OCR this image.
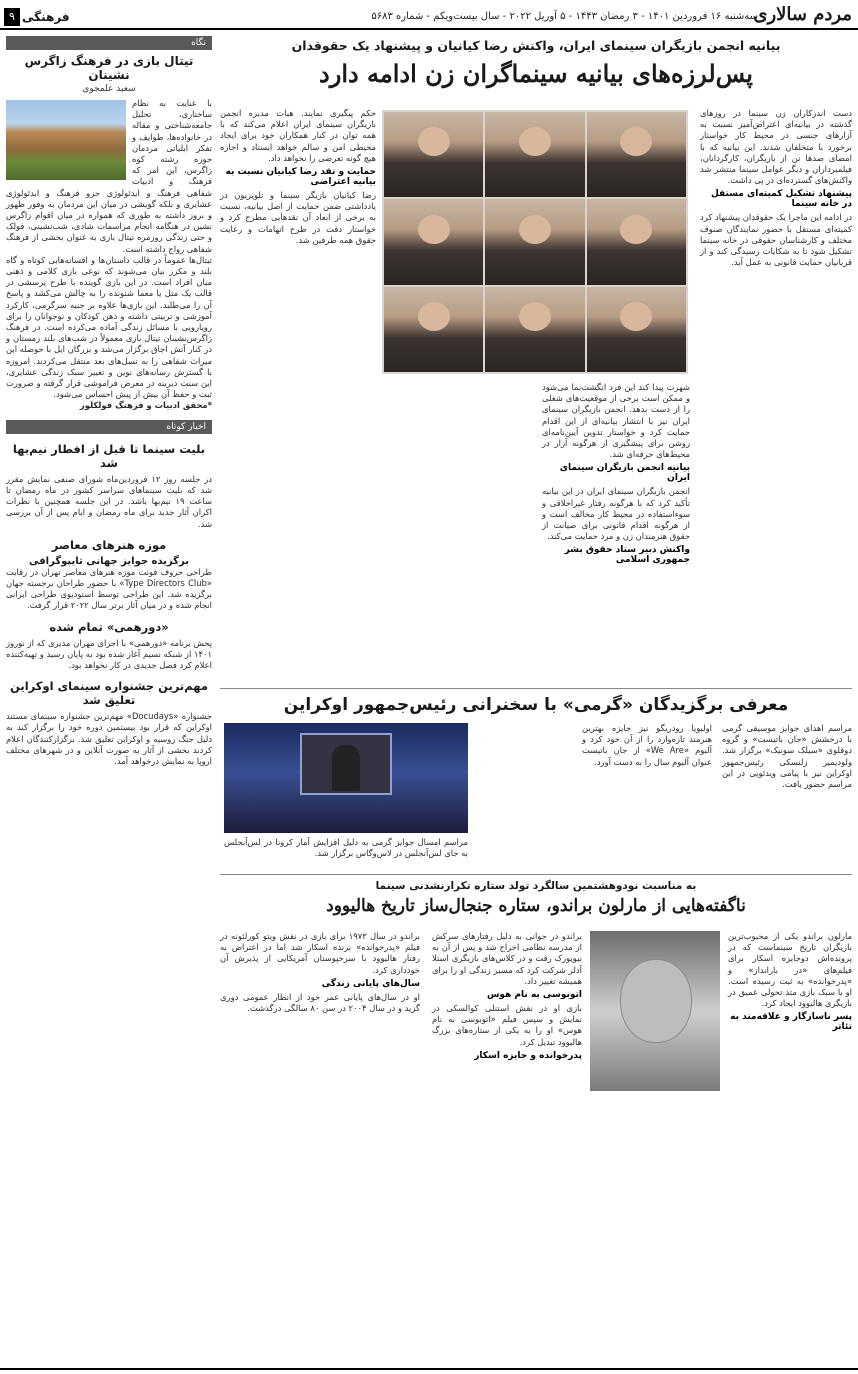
مردم سالاری
سه‌شنبه ۱۶ فروردین ۱۴۰۱ - ۳ رمضان ۱۴۴۳ - ۵ آوریل ۲۰۲۲ - سال بیست‌ویکم - شماره ۵۶۸۳
فرهنگی
۹
نگاه
تیتال بازی در فرهنگ زاگرس نشینان
سعید علمجوی

با عنایت به نظام ساختاری، تحلیل جامعه‌شناختی و مقاله در خانواده‌ها، طوایف و تفکر ایلیاتی مردمان حوزه رشته کوه زاگرس، این امر که فرهنگ و ادبیات شفاهی فرهنگ و ایدئولوژی جزو فرهنگ و ایدئولوژی عشایری و بلکه گویشی در میان این مردمان به وفور ظهور و بروز داشته به طوری که همواره در میان اقوام زاگرس نشین در هنگامه انجام مراسمات شادی، شب‌نشینی، فولک و حتی زندگی روزمره تیتال بازی به عنوان بخشی از فرهنگ شفاهی رواج داشته است.

تیتال‌ها عموماً در قالب داستان‌ها و افسانه‌هایی کوتاه و گاه بلند و مکرر بیان می‌شوند که نوعی بازی کلامی و ذهنی میان افراد است. در این بازی گوینده با طرح پرسشی در قالب یک متل یا معما شنونده را به چالش می‌کشد و پاسخ آن را می‌طلبد. این بازی‌ها علاوه بر جنبه سرگرمی، کارکرد آموزشی و تربیتی داشته و ذهن کودکان و نوجوانان را برای رویارویی با مسائل زندگی آماده می‌کرده است. در فرهنگ زاگرس‌نشینان تیتال بازی معمولاً در شب‌های بلند زمستان و در کنار آتش اجاق برگزار می‌شد و بزرگان ایل با حوصله این میراث شفاهی را به نسل‌های بعد منتقل می‌کردند. امروزه با گسترش رسانه‌های نوین و تغییر سبک زندگی عشایری، این سنت دیرینه در معرض فراموشی قرار گرفته و ضرورت ثبت و حفظ آن بیش از پیش احساس می‌شود.

*محقق ادبیات و فرهنگ فولکلور

اخبار کوتاه
بلیت سینما تا قبل از افطار نیم‌بها شد

در جلسه روز ۱۲ فروردین‌ماه شورای صنفی نمایش مقرر شد که بلیت سینماهای سراسر کشور در ماه رمضان تا ساعت ۱۹ نیم‌بها باشد. در این جلسه همچنین با نظرات اکران آثار جدید برای ماه رمضان و ایام پس از آن بررسی شد.

موزه هنرهای معاصر
برگزیده جوایز جهانی تایپوگرافی

طراحی حروف فونت موزه هنرهای معاصر تهران در رقابت «Type Directors Club» با حضور طراحان برجسته جهان برگزیده شد. این طراحی توسط استودیوی طراحی ایرانی انجام شده و در میان آثار برتر سال ۲۰۲۲ قرار گرفت.

«دورهمی» تمام شده

پخش برنامه «دورهمی» با اجرای مهران مدیری که از نوروز ۱۴۰۱ از شبکه نسیم آغاز شده بود به پایان رسید و تهیه‌کننده اعلام کرد فصل جدیدی در کار نخواهد بود.

مهم‌ترین جشنواره سینمای اوکراین تعلیق شد

جشنواره «Docudays» مهم‌ترین جشنواره سینمای مستند اوکراین که قرار بود بیستمین دوره خود را برگزار کند به دلیل جنگ روسیه و اوکراین تعلیق شد. برگزارکنندگان اعلام کردند بخشی از آثار به صورت آنلاین و در شهرهای مختلف اروپا به نمایش درخواهد آمد.

بیانیه انجمن بازیگران سینمای ایران، واکنش رضا کیانیان و پیشنهاد یک حقوقدان
پس‌لرزه‌های بیانیه سینماگران زن ادامه دارد

دست اندرکاران زن سینما در روزهای گذشته در بیانیه‌ای اعتراض‌آمیز نسبت به آزارهای جنسی در محیط کار خواستار برخورد با متخلفان شدند. این بیانیه که با امضای صدها تن از بازیگران، کارگردانان، فیلمبرداران و دیگر عوامل سینما منتشر شد واکنش‌های گسترده‌ای در پی داشت.

پیشنهاد تشکیل کمیته‌ای مستقل در خانه سینما

در ادامه این ماجرا یک حقوقدان پیشنهاد کرد کمیته‌ای مستقل با حضور نمایندگان صنوف مختلف و کارشناسان حقوقی در خانه سینما تشکیل شود تا به شکایات رسیدگی کند و از قربانیان حمایت قانونی به عمل آید.

شهرت پیدا کند این فرد انگشت‌نما می‌شود و ممکن است برخی از موقعیت‌های شغلی را از دست بدهد. انجمن بازیگران سینمای ایران نیز با انتشار بیانیه‌ای از این اقدام حمایت کرد و خواستار تدوین آیین‌نامه‌ای روشن برای پیشگیری از هرگونه آزار در محیط‌های حرفه‌ای شد.

بیانیه انجمن بازیگران سینمای ایران

انجمن بازیگران سینمای ایران در این بیانیه تأکید کرد که با هرگونه رفتار غیراخلاقی و سوءاستفاده در محیط کار مخالف است و از هرگونه اقدام قانونی برای صیانت از حقوق هنرمندان زن و مرد حمایت می‌کند.

واکنش دبیر ستاد حقوق بشر جمهوری اسلامی

حکم پیگیری نمایند. هیات مدیره انجمن بازیگران سینمای ایران اعلام می‌کند که با همه توان در کنار همکاران خود برای ایجاد محیطی امن و سالم خواهد ایستاد و اجازه هیچ گونه تعرضی را نخواهد داد.

حمایت و نقد رضا کیانیان نسبت به بیانیه اعتراضی

رضا کیانیان بازیگر سینما و تلویزیون در یادداشتی ضمن حمایت از اصل بیانیه، نسبت به برخی از ابعاد آن نقدهایی مطرح کرد و خواستار دقت در طرح اتهامات و رعایت حقوق همه طرفین شد.

معرفی برگزیدگان «گرمی» با سخنرانی رئیس‌جمهور اوکراین

مراسم اهدای جوایز موسیقی گرمی با درخشش «جان باتیست» و گروه دوقلوی «سیلک سونیک» برگزار شد. ولودیمیر زلنسکی رئیس‌جمهور اوکراین نیز با پیامی ویدئویی در این مراسم حضور یافت.

اولیویا رودریگو نیز جایزه بهترین هنرمند تازه‌وارد را از آن خود کرد و آلبوم «We Are» از جان باتیست عنوان آلبوم سال را به دست آورد.

مراسم امسال جوایز گرمی به دلیل افزایش آمار کرونا در لس‌آنجلس به جای لس‌آنجلس در لاس‌وگاس برگزار شد.

به مناسبت نودوهشتمین سالگرد تولد ستاره تکرارنشدنی سینما
ناگفته‌هایی از مارلون براندو، ستاره جنجال‌ساز تاریخ هالیوود

مارلون براندو یکی از محبوب‌ترین بازیگران تاریخ سینماست که در پرونده‌اش دوجایزه اسکار برای فیلم‌های «در بارانداز» و «پدرخوانده» به ثبت رسیده است. او با سبک بازی متد تحولی عمیق در بازیگری هالیوود ایجاد کرد.

پسر ناسازگار و علاقه‌مند به تئاتر

براندو در جوانی به دلیل رفتارهای سرکش از مدرسه نظامی اخراج شد و پس از آن به نیویورک رفت و در کلاس‌های بازیگری استلا آدلر شرکت کرد که مسیر زندگی او را برای همیشه تغییر داد.

اتوبوسی به نام هوس

بازی او در نقش استنلی کوالسکی در نمایش و سپس فیلم «اتوبوسی به نام هوس» او را به یکی از ستاره‌های بزرگ هالیوود تبدیل کرد.

پدرخوانده و جایزه اسکار

براندو در سال ۱۹۷۳ برای بازی در نقش ویتو کورلئونه در فیلم «پدرخوانده» برنده اسکار شد اما در اعتراض به رفتار هالیوود با سرخپوستان آمریکایی از پذیرش آن خودداری کرد.

سال‌های پایانی زندگی

او در سال‌های پایانی عمر خود از انظار عمومی دوری گزید و در سال ۲۰۰۴ در سن ۸۰ سالگی درگذشت.
